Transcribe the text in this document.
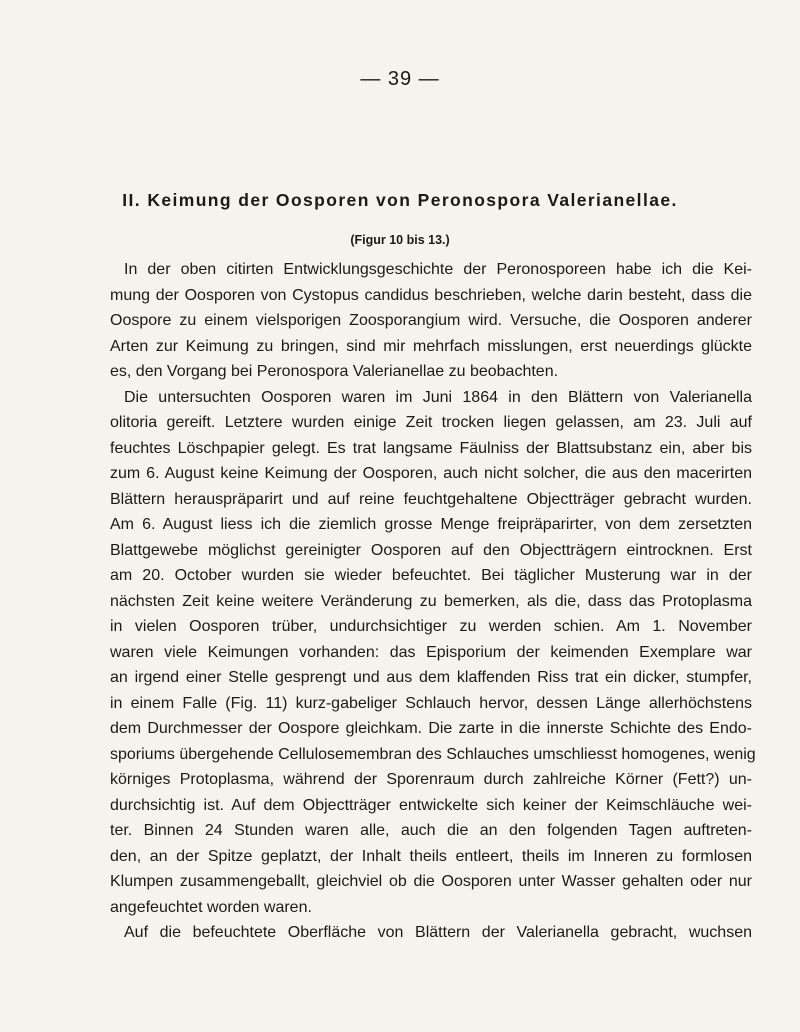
— 39 —
II. Keimung der Oosporen von Peronospora Valerianellae.
(Figur 10 bis 13.)
In der oben citirten Entwicklungsgeschichte der Peronosporeen habe ich die Kei-
mung der Oosporen von Cystopus candidus beschrieben, welche darin besteht, dass die
Oospore zu einem vielsporigen Zoosporangium wird. Versuche, die Oosporen anderer
Arten zur Keimung zu bringen, sind mir mehrfach misslungen, erst neuerdings glückte
es, den Vorgang bei Peronospora Valerianellae zu beobachten.
Die untersuchten Oosporen waren im Juni 1864 in den Blättern von Valerianella
olitoria gereift. Letztere wurden einige Zeit trocken liegen gelassen, am 23. Juli auf
feuchtes Löschpapier gelegt. Es trat langsame Fäulniss der Blattsubstanz ein, aber bis
zum 6. August keine Keimung der Oosporen, auch nicht solcher, die aus den macerirten
Blättern herauspräparirt und auf reine feuchtgehaltene Objectträger gebracht wurden.
Am 6. August liess ich die ziemlich grosse Menge freipräparirter, von dem zersetzten
Blattgewebe möglichst gereinigter Oosporen auf den Objectträgern eintrocknen. Erst
am 20. October wurden sie wieder befeuchtet. Bei täglicher Musterung war in der
nächsten Zeit keine weitere Veränderung zu bemerken, als die, dass das Protoplasma
in vielen Oosporen trüber, undurchsichtiger zu werden schien. Am 1. November
waren viele Keimungen vorhanden: das Episporium der keimenden Exemplare war
an irgend einer Stelle gesprengt und aus dem klaffenden Riss trat ein dicker, stumpfer,
in einem Falle (Fig. 11) kurz-gabeliger Schlauch hervor, dessen Länge allerhöchstens
dem Durchmesser der Oospore gleichkam. Die zarte in die innerste Schichte des Endo-
sporiums übergehende Cellulosemembran des Schlauches umschliesst homogenes, wenig
körniges Protoplasma, während der Sporenraum durch zahlreiche Körner (Fett?) un-
durchsichtig ist. Auf dem Objectträger entwickelte sich keiner der Keimschläuche wei-
ter. Binnen 24 Stunden waren alle, auch die an den folgenden Tagen auftreten-
den, an der Spitze geplatzt, der Inhalt theils entleert, theils im Inneren zu formlosen
Klumpen zusammengeballt, gleichviel ob die Oosporen unter Wasser gehalten oder nur
angefeuchtet worden waren.
Auf die befeuchtete Oberfläche von Blättern der Valerianella gebracht, wuchsen
